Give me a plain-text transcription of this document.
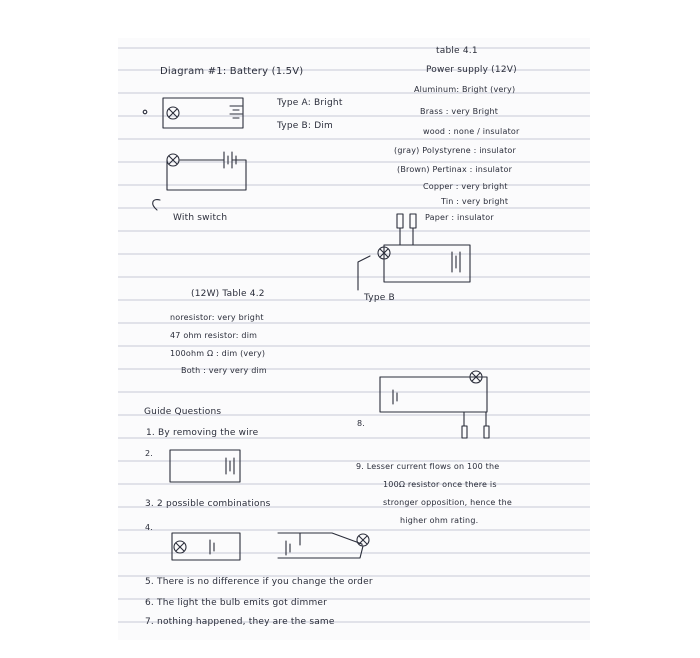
Diagram #1: Battery (1.5V)
Type A: Bright
Type B: Dim
With switch
(12W) Table 4.2
noresistor: very bright
47 ohm resistor: dim
100ohm Ω : dim (very)
Both : very very dim
Guide Questions
1. By removing the wire
2.
3. 2 possible combinations
4.
table 4.1
Power supply (12V)
Aluminum: Bright (very)
Brass : very Bright
wood : none / insulator
(gray) Polystyrene : insulator
(Brown) Pertinax : insulator
Copper : very bright
Tin : very bright
Paper : insulator
Type B
8.
9. Lesser current flows on 100 the
100Ω resistor once there is
stronger opposition, hence the
higher ohm rating.
5. There is no difference if you change the order
6. The light the bulb emits got dimmer
7. nothing happened, they are the same
